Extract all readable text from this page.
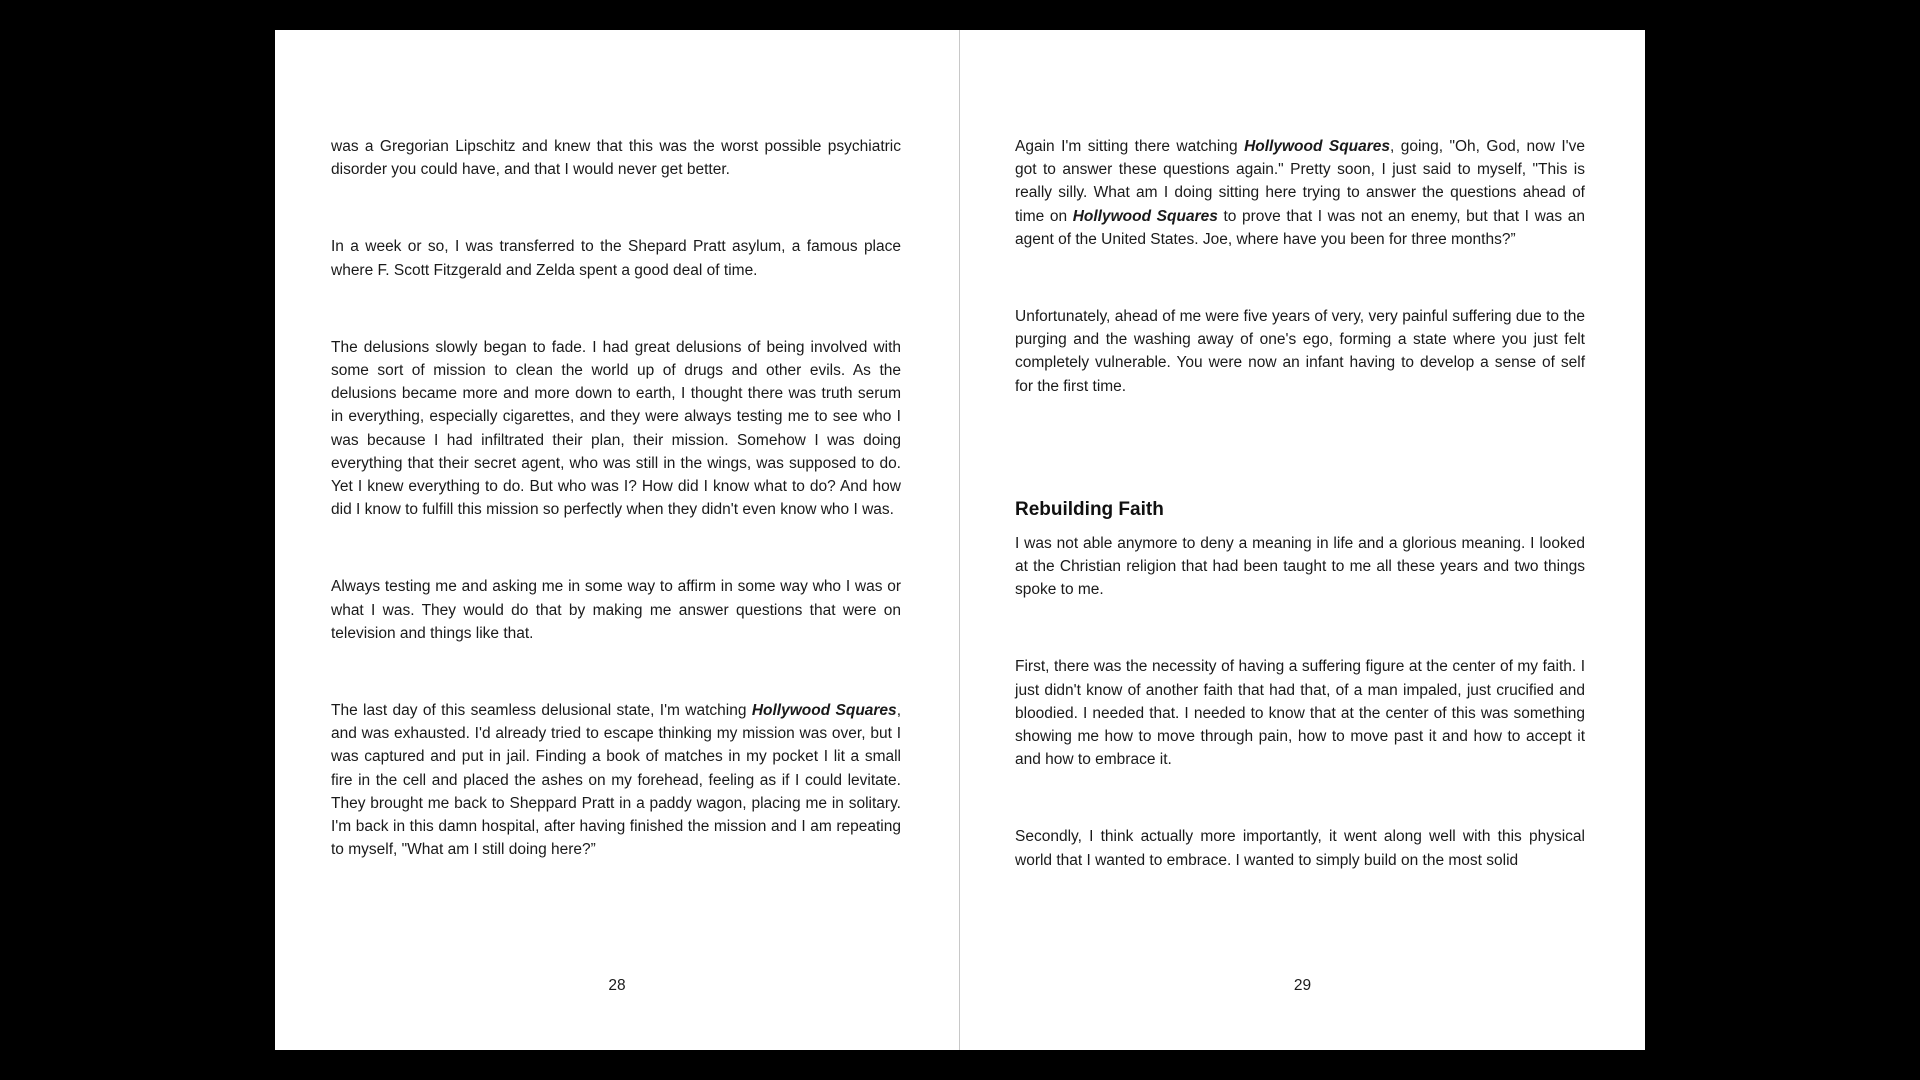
was a Gregorian Lipschitz and knew that this was the worst possible psychiatric disorder you could have, and that I would never get better.

In a week or so, I was transferred to the Shepard Pratt asylum, a famous place where F. Scott Fitzgerald and Zelda spent a good deal of time.

The delusions slowly began to fade. I had great delusions of being involved with some sort of mission to clean the world up of drugs and other evils. As the delusions became more and more down to earth, I thought there was truth serum in everything, especially cigarettes, and they were always testing me to see who I was because I had infiltrated their plan, their mission. Somehow I was doing everything that their secret agent, who was still in the wings, was supposed to do. Yet I knew everything to do. But who was I? How did I know what to do? And how did I know to fulfill this mission so perfectly when they didn't even know who I was.

Always testing me and asking me in some way to affirm in some way who I was or what I was. They would do that by making me answer questions that were on television and things like that.

The last day of this seamless delusional state, I'm watching Hollywood Squares, and was exhausted. I'd already tried to escape thinking my mission was over, but I was captured and put in jail. Finding a book of matches in my pocket I lit a small fire in the cell and placed the ashes on my forehead, feeling as if I could levitate. They brought me back to Sheppard Pratt in a paddy wagon, placing me in solitary. I'm back in this damn hospital, after having finished the mission and I am repeating to myself, "What am I still doing here?”

28

Again I'm sitting there watching Hollywood Squares, going, "Oh, God, now I've got to answer these questions again." Pretty soon, I just said to myself, "This is really silly. What am I doing sitting here trying to answer the questions ahead of time on Hollywood Squares to prove that I was not an enemy, but that I was an agent of the United States. Joe, where have you been for three months?”

Unfortunately, ahead of me were five years of very, very painful suffering due to the purging and the washing away of one's ego, forming a state where you just felt completely vulnerable. You were now an infant having to develop a sense of self for the first time.

Rebuilding Faith

I was not able anymore to deny a meaning in life and a glorious meaning. I looked at the Christian religion that had been taught to me all these years and two things spoke to me.

First, there was the necessity of having a suffering figure at the center of my faith. I just didn't know of another faith that had that, of a man impaled, just crucified and bloodied. I needed that. I needed to know that at the center of this was something showing me how to move through pain, how to move past it and how to accept it and how to embrace it.

Secondly, I think actually more importantly, it went along well with this physical world that I wanted to embrace. I wanted to simply build on the most solid

29
